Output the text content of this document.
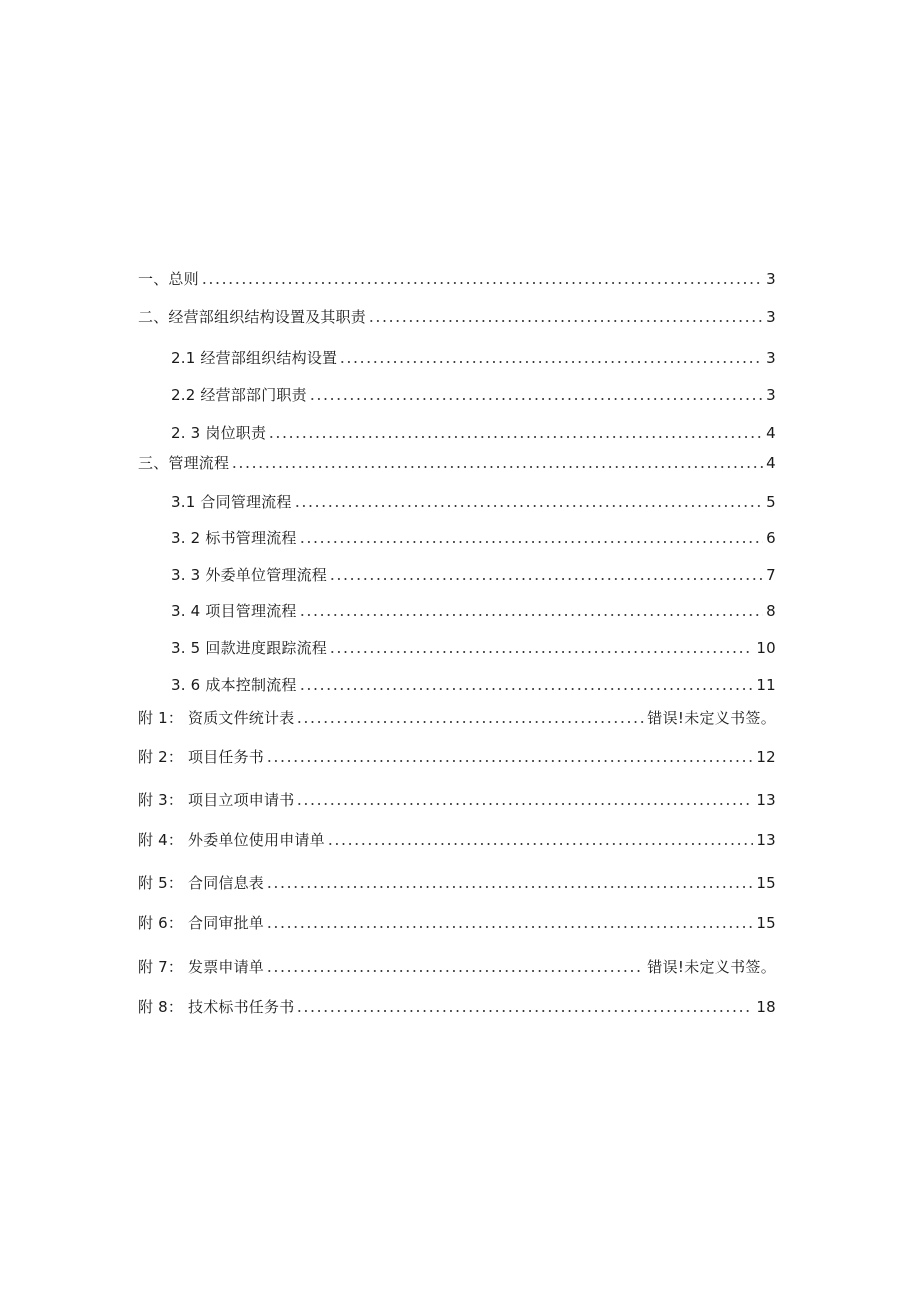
一、总则	3
二、经营部组织结构设置及其职责	3
2.1 经营部组织结构设置	3
2.2 经营部部门职责	3
2. 3 岗位职责	4
三、管理流程	4
3.1 合同管理流程	5
3. 2 标书管理流程	6
3. 3 外委单位管理流程	7
3. 4 项目管理流程	8
3. 5 回款进度跟踪流程	10
3. 6 成本控制流程	11
附 1： 资质文件统计表	错误!未定义书签。
附 2： 项目任务书	12
附 3： 项目立项申请书	13
附 4： 外委单位使用申请单	13
附 5： 合同信息表	15
附 6： 合同审批单	15
附 7： 发票申请单	错误!未定义书签。
附 8： 技术标书任务书	18
